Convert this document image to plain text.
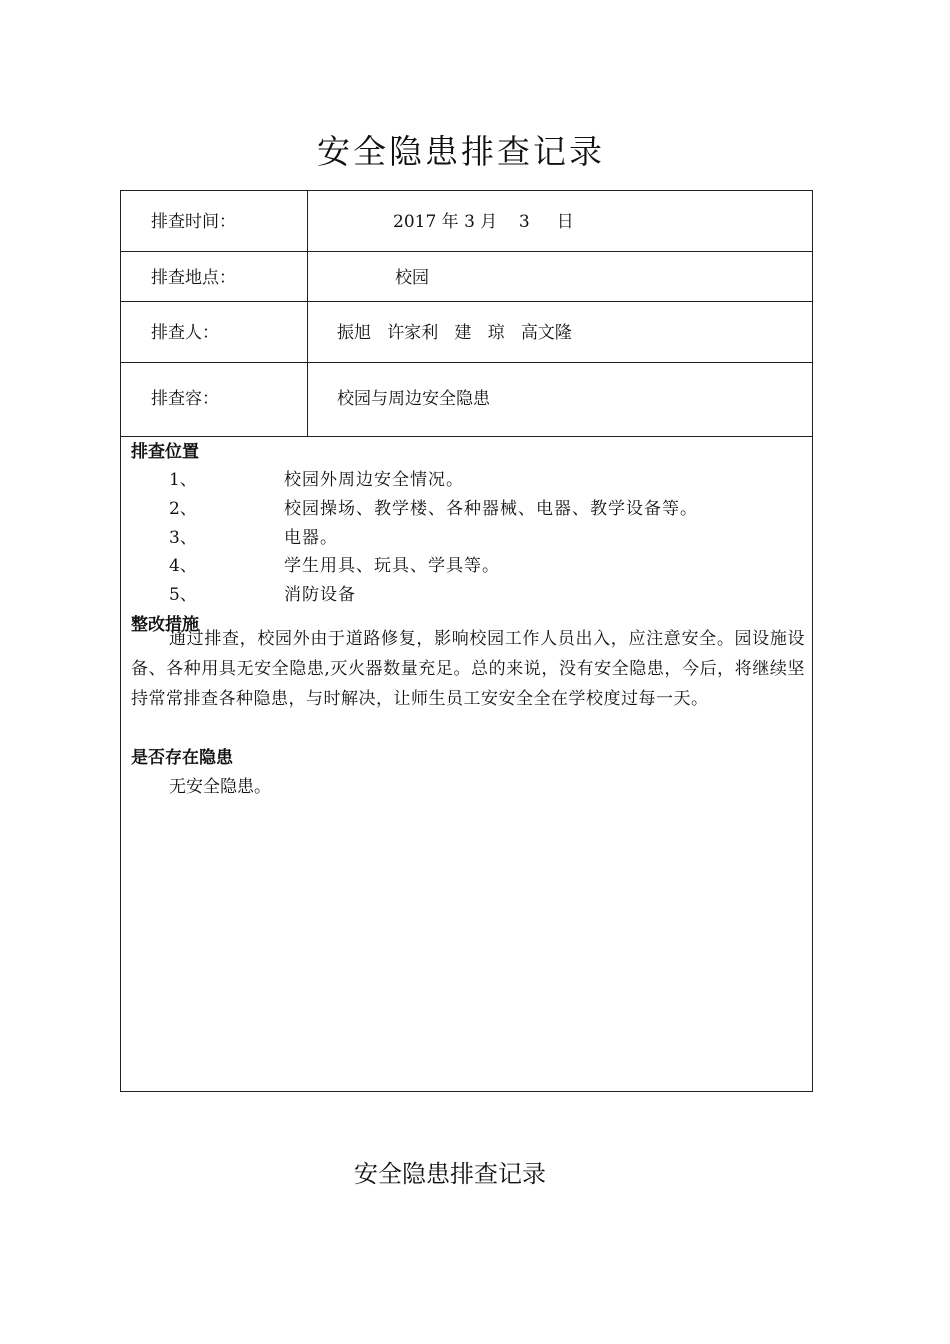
安全隐患排查记录
排查时间：	2017 年 3 月    3     日
排查地点：	校园
排查人：	振旭   许家利   建   琼   高文隆
排查容：	校园与周边安全隐患
排查位置
1、	校园外周边安全情况。
2、	校园操场、教学楼、各种器械、电器、教学设备等。
3、	电器。
4、	学生用具、玩具、学具等。
5、	消防设备
整改措施

通过排查，校园外由于道路修复，影响校园工作人员出入，应注意安全。园设施设备、各种用具无安全隐患,灭火器数量充足。总的来说，没有安全隐患，今后，将继续坚持常常排查各种隐患，与时解决，让师生员工安安全全在学校度过每一天。

是否存在隐患
无安全隐患。
安全隐患排查记录
